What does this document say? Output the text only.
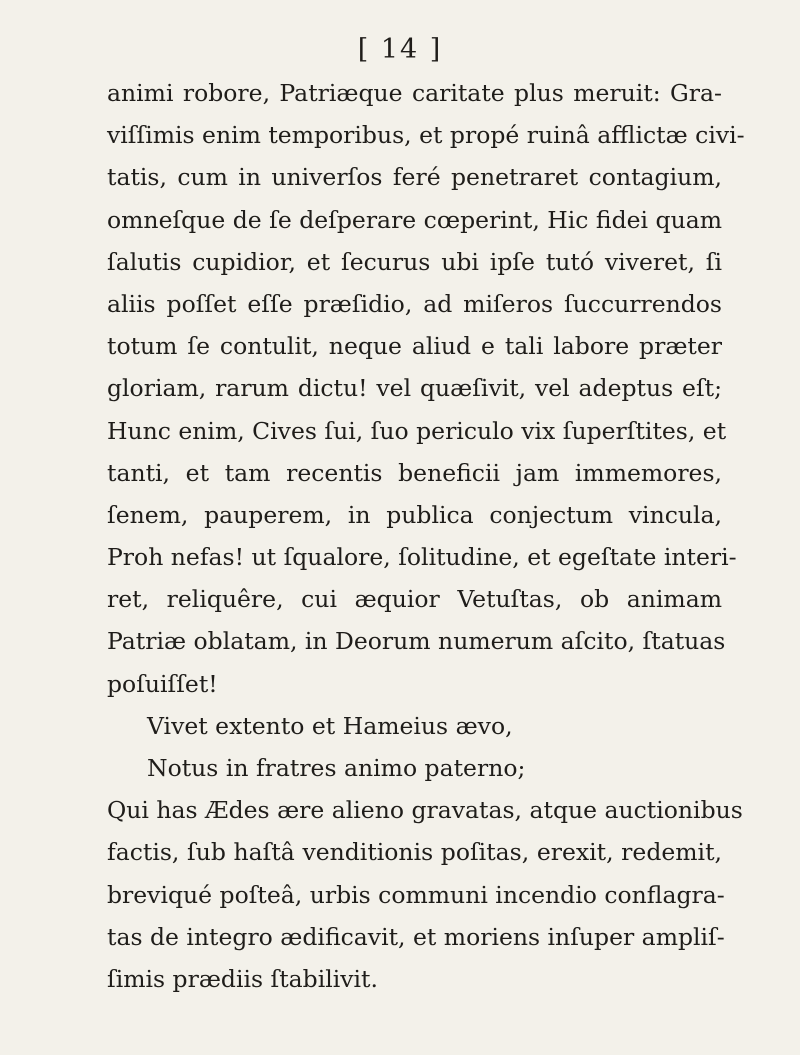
[ 14 ]
animi robore, Patriæque caritate plus meruit: Gra-
viſſimis enim temporibus, et propé ruinâ afflictæ civi-
tatis, cum in univerſos feré penetraret contagium,
omneſque de ſe deſperare cœperint, Hic fidei quam
ſalutis cupidior, et ſecurus ubi ipſe tutó viveret, ſi
aliis poſſet eſſe præſidio, ad miſeros ſuccurrendos
totum ſe contulit, neque aliud e tali labore præter
gloriam, rarum dictu! vel quæſivit, vel adeptus eſt;
Hunc enim, Cives ſui, ſuo periculo vix ſuperſtites, et
tanti, et tam recentis beneficii jam immemores,
ſenem, pauperem, in publica conjectum vincula,
Proh nefas! ut ſqualore, ſolitudine, et egeſtate interi-
ret, reliquêre, cui æquior Vetuſtas, ob animam
Patriæ oblatam, in Deorum numerum aſcito, ſtatuas
poſuiſſet!
Vivet extento et Hameius ævo,
Notus in fratres animo paterno;
Qui has Ædes ære alieno gravatas, atque auctionibus
factis, ſub haſtâ venditionis poſitas, erexit, redemit,
breviqué poſteâ, urbis communi incendio conflagra-
tas de integro ædificavit, et moriens inſuper ampliſ-
ſimis prædiis ſtabilivit.
